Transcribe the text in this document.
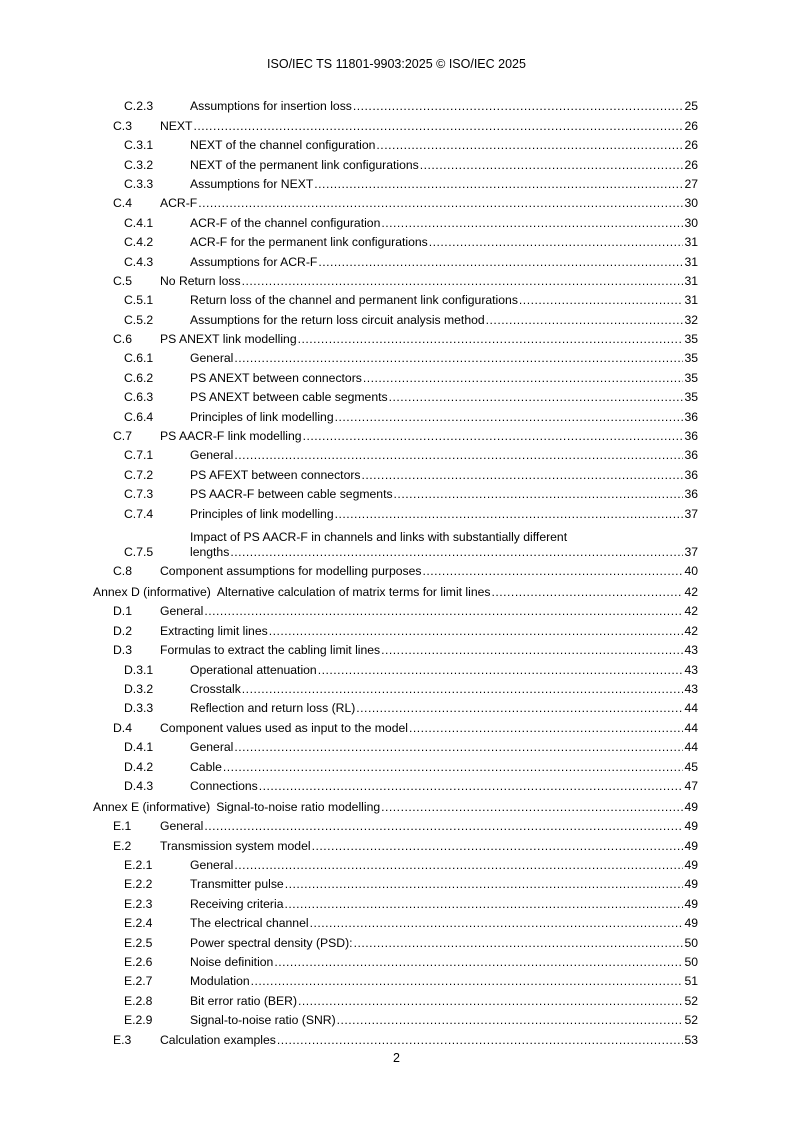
ISO/IEC TS 11801-9903:2025 © ISO/IEC 2025
C.2.3	Assumptions for insertion loss .....	25
C.3	NEXT .....	26
C.3.1	NEXT of the channel configuration .....	26
C.3.2	NEXT of the permanent link configurations .....	26
C.3.3	Assumptions for NEXT .....	27
C.4	ACR-F .....	30
C.4.1	ACR-F of the channel configuration .....	30
C.4.2	ACR-F for the permanent link configurations .....	31
C.4.3	Assumptions for ACR-F .....	31
C.5	No Return loss .....	31
C.5.1	Return loss of the channel and permanent link configurations .....	31
C.5.2	Assumptions for the return loss circuit analysis method .....	32
C.6	PS ANEXT link modelling .....	35
C.6.1	General .....	35
C.6.2	PS ANEXT between connectors .....	35
C.6.3	PS ANEXT between cable segments .....	35
C.6.4	Principles of link modelling .....	36
C.7	PS AACR-F link modelling .....	36
C.7.1	General .....	36
C.7.2	PS AFEXT between connectors .....	36
C.7.3	PS AACR-F between cable segments .....	36
C.7.4	Principles of link modelling .....	37
C.7.5
Impact of PS AACR-F in channels and links with substantially different
lengths .....	37
C.8	Component assumptions for modelling purposes .....	40
Annex D (informative) Alternative calculation of matrix terms for limit lines .....	42
D.1	General .....	42
D.2	Extracting limit lines .....	42
D.3	Formulas to extract the cabling limit lines .....	43
D.3.1	Operational attenuation .....	43
D.3.2	Crosstalk .....	43
D.3.3	Reflection and return loss (RL) .....	44
D.4	Component values used as input to the model .....	44
D.4.1	General .....	44
D.4.2	Cable .....	45
D.4.3	Connections .....	47
Annex E (informative) Signal-to-noise ratio modelling .....	49
E.1	General .....	49
E.2	Transmission system model .....	49
E.2.1	General .....	49
E.2.2	Transmitter pulse .....	49
E.2.3	Receiving criteria .....	49
E.2.4	The electrical channel .....	49
E.2.5	Power spectral density (PSD): .....	50
E.2.6	Noise definition .....	50
E.2.7	Modulation .....	51
E.2.8	Bit error ratio (BER) .....	52
E.2.9	Signal-to-noise ratio (SNR) .....	52
E.3	Calculation examples .....	53
2
